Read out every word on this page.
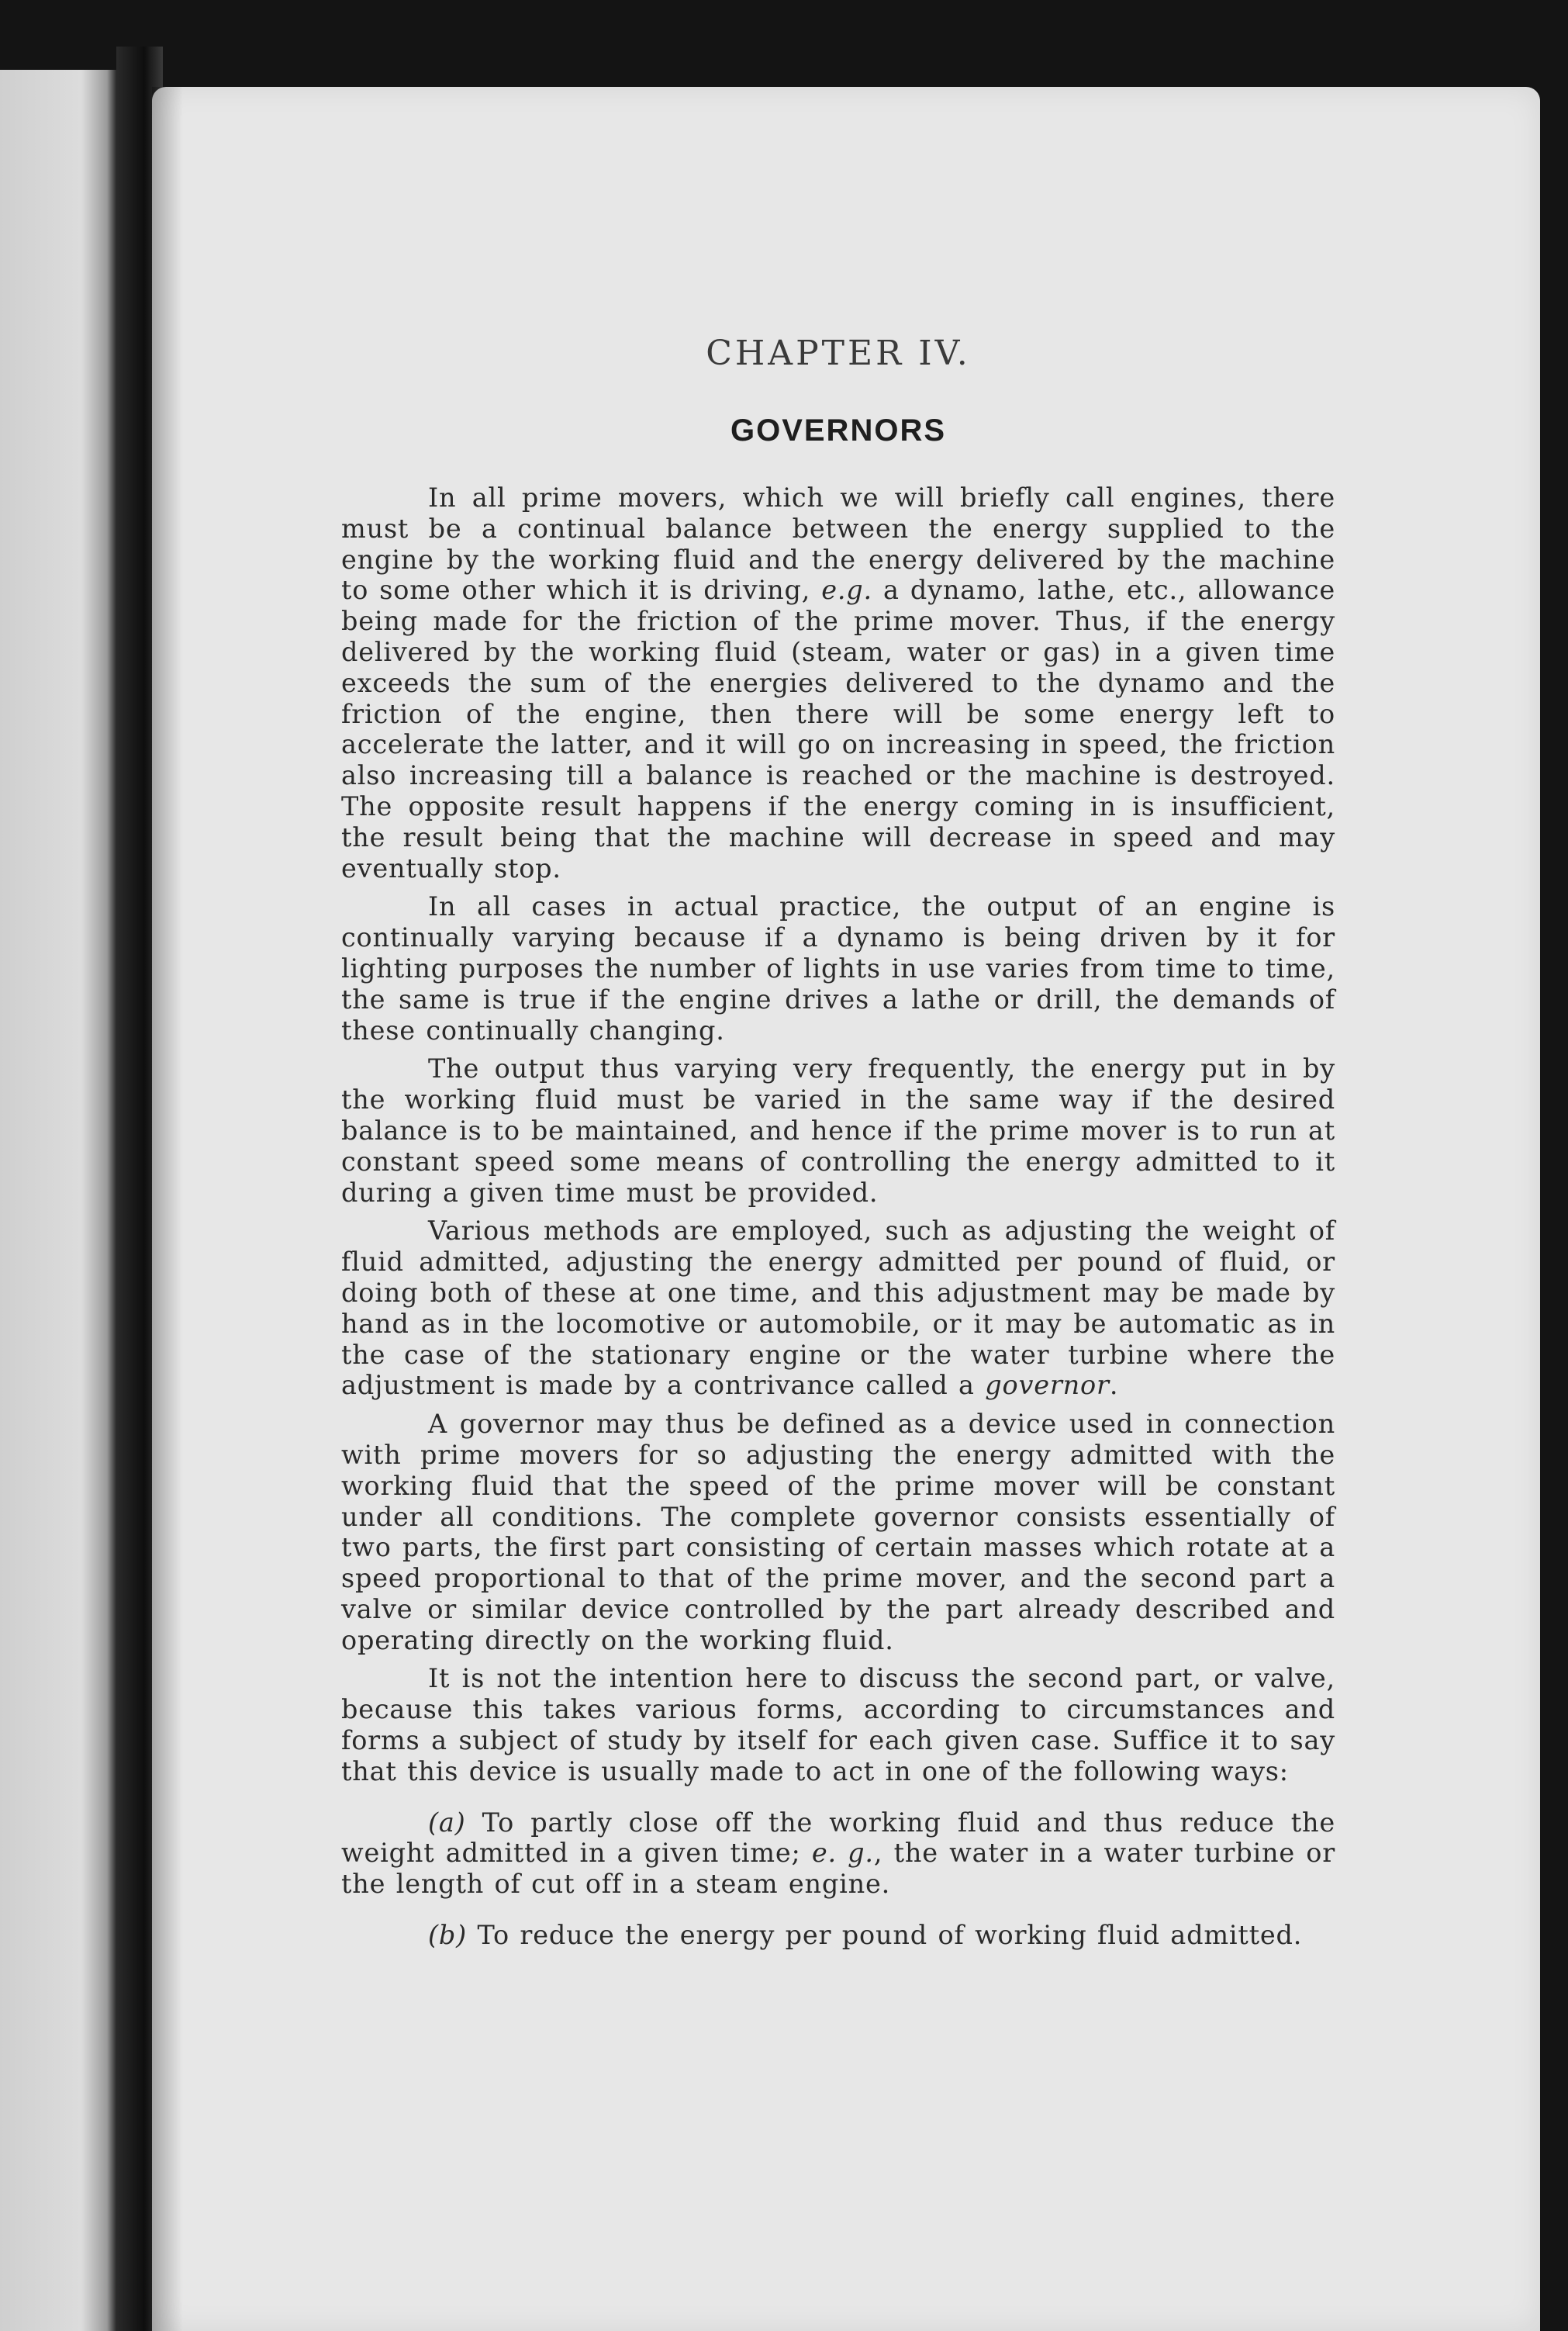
CHAPTER IV.
GOVERNORS

In all prime movers, which we will briefly call engines, there must be a continual balance between the energy supplied to the engine by the working fluid and the energy delivered by the machine to some other which it is driving, e.g. a dynamo, lathe, etc., allowance being made for the friction of the prime mover. Thus, if the energy delivered by the working fluid (steam, water or gas) in a given time exceeds the sum of the energies delivered to the dynamo and the friction of the engine, then there will be some energy left to accelerate the latter, and it will go on increasing in speed, the friction also increasing till a balance is reached or the machine is destroyed. The opposite result happens if the energy coming in is insufficient, the result being that the machine will decrease in speed and may eventually stop.

In all cases in actual practice, the output of an engine is continually varying because if a dynamo is being driven by it for lighting purposes the number of lights in use varies from time to time, the same is true if the engine drives a lathe or drill, the demands of these continually changing.

The output thus varying very frequently, the energy put in by the working fluid must be varied in the same way if the desired balance is to be maintained, and hence if the prime mover is to run at constant speed some means of controlling the energy admitted to it during a given time must be provided.

Various methods are employed, such as adjusting the weight of fluid admitted, adjusting the energy admitted per pound of fluid, or doing both of these at one time, and this adjustment may be made by hand as in the locomotive or automobile, or it may be automatic as in the case of the stationary engine or the water turbine where the adjustment is made by a contrivance called a governor.

A governor may thus be defined as a device used in connection with prime movers for so adjusting the energy admitted with the working fluid that the speed of the prime mover will be constant under all conditions. The complete governor consists essentially of two parts, the first part consisting of certain masses which rotate at a speed proportional to that of the prime mover, and the second part a valve or similar device controlled by the part already described and operating directly on the working fluid.

It is not the intention here to discuss the second part, or valve, because this takes various forms, according to circumstances and forms a subject of study by itself for each given case. Suffice it to say that this device is usually made to act in one of the following ways:

(a) To partly close off the working fluid and thus reduce the weight admitted in a given time; e. g., the water in a water turbine or the length of cut off in a steam engine.

(b) To reduce the energy per pound of working fluid admitted.
